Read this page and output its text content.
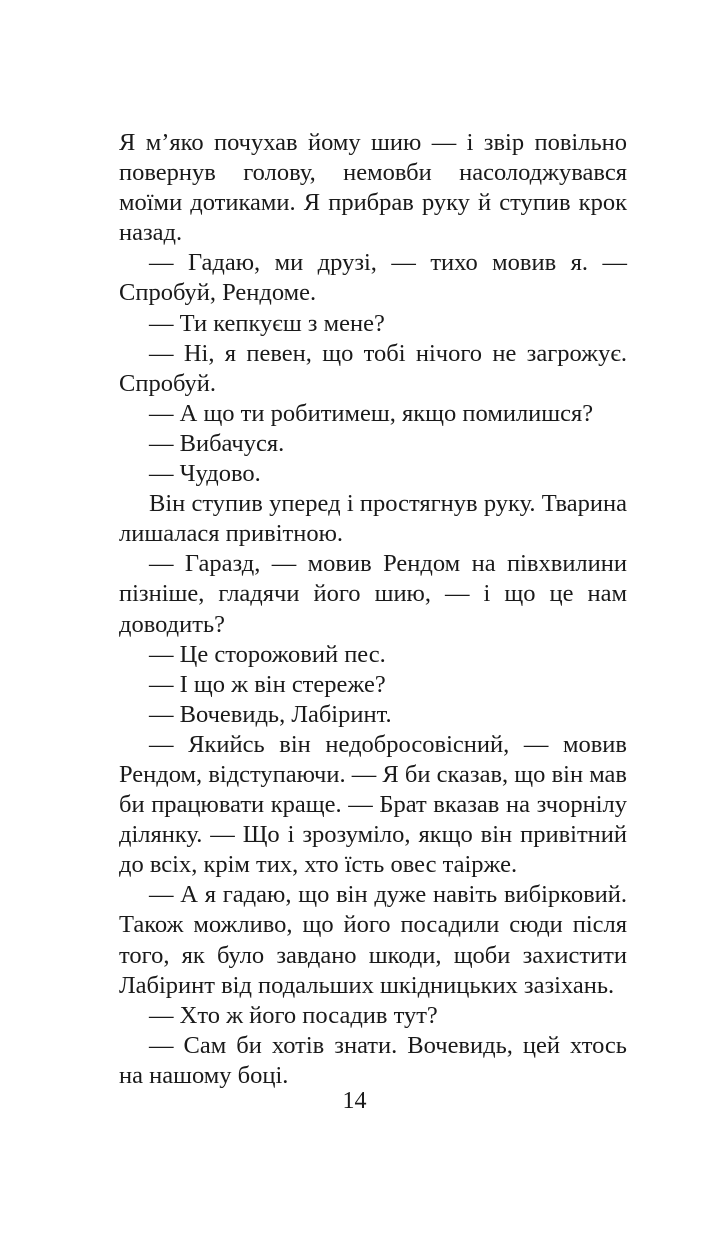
Я м’яко почухав йому шию — і звір повільно повернув голову, немовби насолоджувався моїми дотиками. Я прибрав руку й ступив крок назад.

— Гадаю, ми друзі, — тихо мовив я. — Спробуй, Рендоме.

— Ти кепкуєш з мене?

— Ні, я певен, що тобі нічого не загрожує. Спробуй.

— А що ти робитимеш, якщо помилишся?

— Вибачуся.

— Чудово.

Він ступив уперед і простягнув руку. Тварина лишалася привітною.

— Гаразд, — мовив Рендом на півхвилини пізніше, гладячи його шию, — і що це нам доводить?

— Це сторожовий пес.

— І що ж він стереже?

— Вочевидь, Лабіринт.

— Якийсь він недобросовісний, — мовив Рендом, відступаючи. — Я би сказав, що він мав би працювати краще. — Брат вказав на зчорнілу ділянку. — Що і зрозуміло, якщо він привітний до всіх, крім тих, хто їсть овес таірже.

— А я гадаю, що він дуже навіть вибірковий. Також можливо, що його посадили сюди після того, як було завдано шкоди, щоби захистити Лабіринт від подальших шкідницьких зазіхань.

— Хто ж його посадив тут?

— Сам би хотів знати. Вочевидь, цей хтось на нашому боці.

14
